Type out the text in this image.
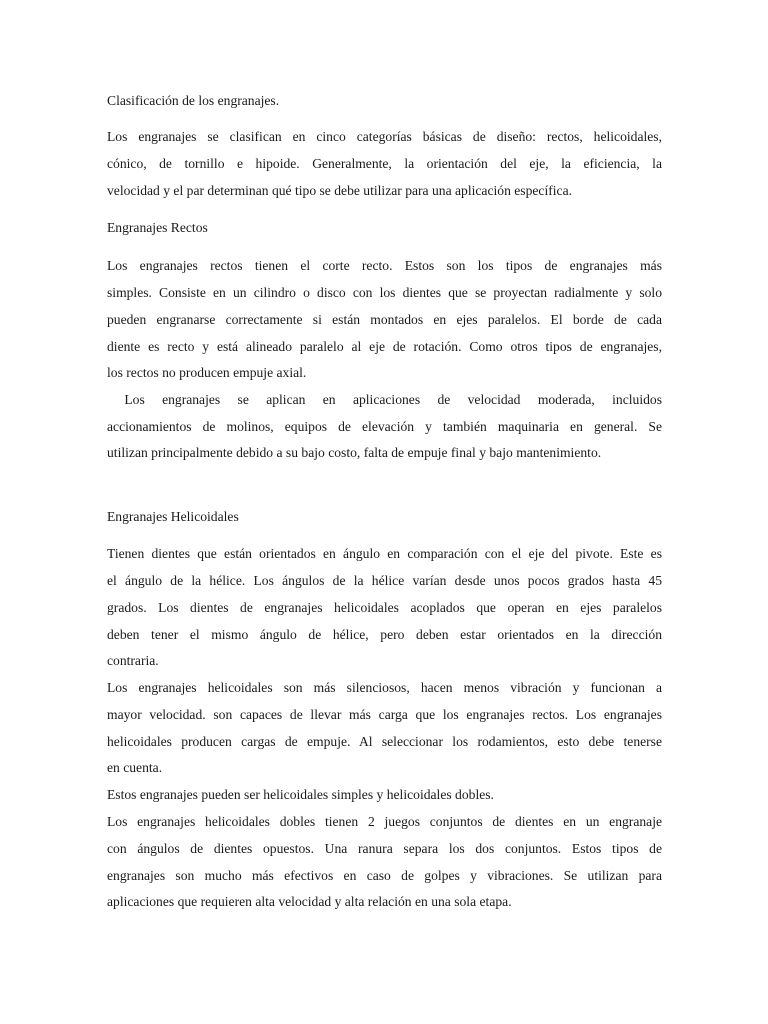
Clasificación de los engranajes.
Los engranajes se clasifican en cinco categorías básicas de diseño: rectos, helicoidales,
cónico, de tornillo e hipoide. Generalmente, la orientación del eje, la eficiencia, la
velocidad y el par determinan qué tipo se debe utilizar para una aplicación específica.
Engranajes Rectos
Los engranajes rectos tienen el corte recto. Estos son los tipos de engranajes más
simples. Consiste en un cilindro o disco con los dientes que se proyectan radialmente y solo
pueden engranarse correctamente si están montados en ejes paralelos. El borde de cada
diente es recto y está alineado paralelo al eje de rotación. Como otros tipos de engranajes,
los rectos no producen empuje axial.
Los engranajes se aplican en aplicaciones de velocidad moderada, incluidos
accionamientos de molinos, equipos de elevación y también maquinaria en general. Se
utilizan principalmente debido a su bajo costo, falta de empuje final y bajo mantenimiento.
Engranajes Helicoidales
Tienen dientes que están orientados en ángulo en comparación con el eje del pivote. Este es
el ángulo de la hélice. Los ángulos de la hélice varían desde unos pocos grados hasta 45
grados. Los dientes de engranajes helicoidales acoplados que operan en ejes paralelos
deben tener el mismo ángulo de hélice, pero deben estar orientados en la dirección
contraria.
Los engranajes helicoidales son más silenciosos, hacen menos vibración y funcionan a
mayor velocidad. son capaces de llevar más carga que los engranajes rectos. Los engranajes
helicoidales producen cargas de empuje. Al seleccionar los rodamientos, esto debe tenerse
en cuenta.
Estos engranajes pueden ser helicoidales simples y helicoidales dobles.
Los engranajes helicoidales dobles tienen 2 juegos conjuntos de dientes en un engranaje
con ángulos de dientes opuestos. Una ranura separa los dos conjuntos. Estos tipos de
engranajes son mucho más efectivos en caso de golpes y vibraciones. Se utilizan para
aplicaciones que requieren alta velocidad y alta relación en una sola etapa.
